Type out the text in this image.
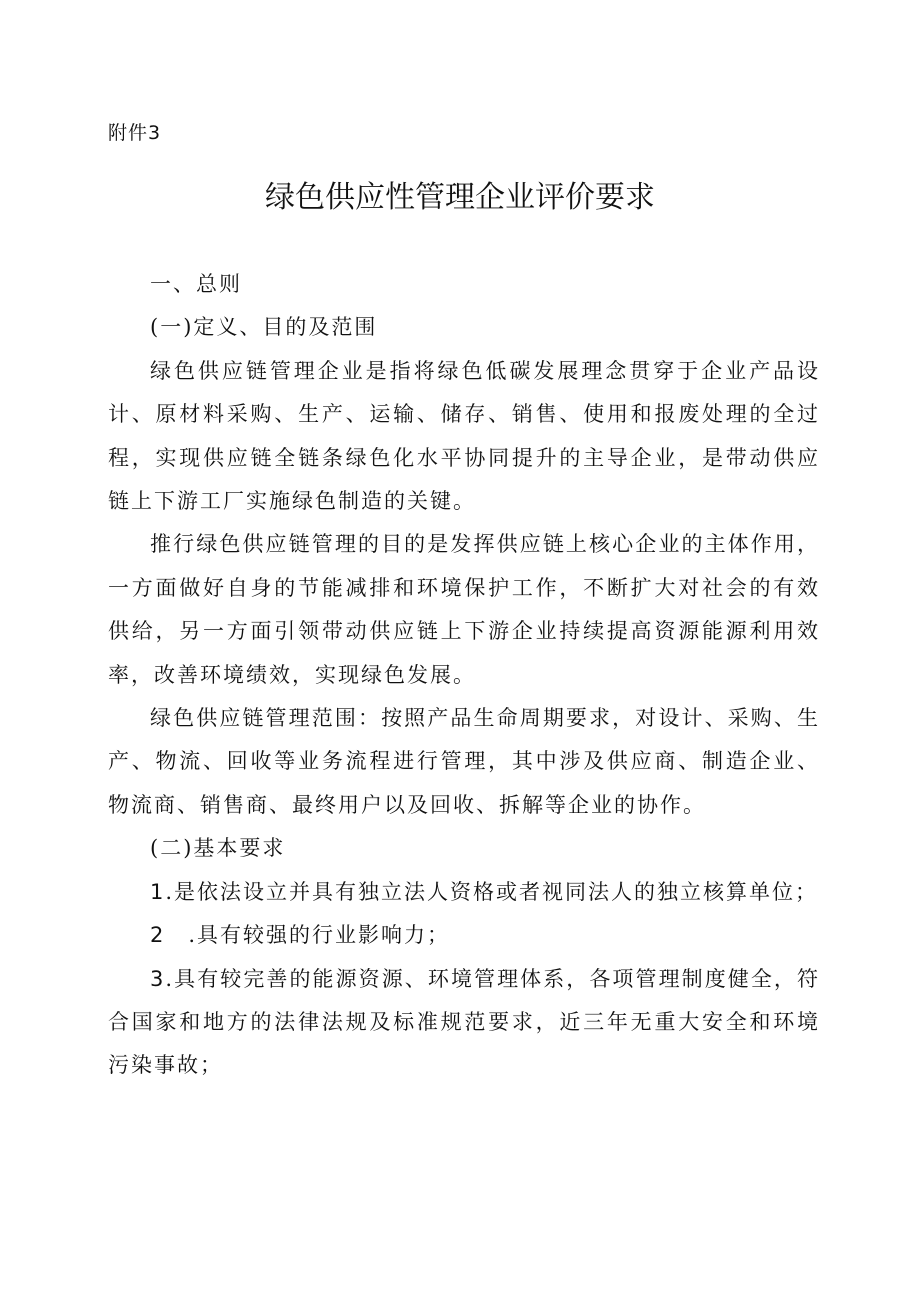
附件3
绿色供应性管理企业评价要求

一、总则

(一)定义、目的及范围

绿色供应链管理企业是指将绿色低碳发展理念贯穿于企业产品设计、原材料采购、生产、运输、储存、销售、使用和报废处理的全过程，实现供应链全链条绿色化水平协同提升的主导企业，是带动供应链上下游工厂实施绿色制造的关键。

推行绿色供应链管理的目的是发挥供应链上核心企业的主体作用，一方面做好自身的节能减排和环境保护工作，不断扩大对社会的有效供给，另一方面引领带动供应链上下游企业持续提高资源能源利用效率，改善环境绩效，实现绿色发展。

绿色供应链管理范围：按照产品生命周期要求，对设计、采购、生产、物流、回收等业务流程进行管理，其中涉及供应商、制造企业、物流商、销售商、最终用户以及回收、拆解等企业的协作。

(二)基本要求

1.是依法设立并具有独立法人资格或者视同法人的独立核算单位；

2　.具有较强的行业影响力；

3.具有较完善的能源资源、环境管理体系，各项管理制度健全，符合国家和地方的法律法规及标准规范要求，近三年无重大安全和环境污染事故；
